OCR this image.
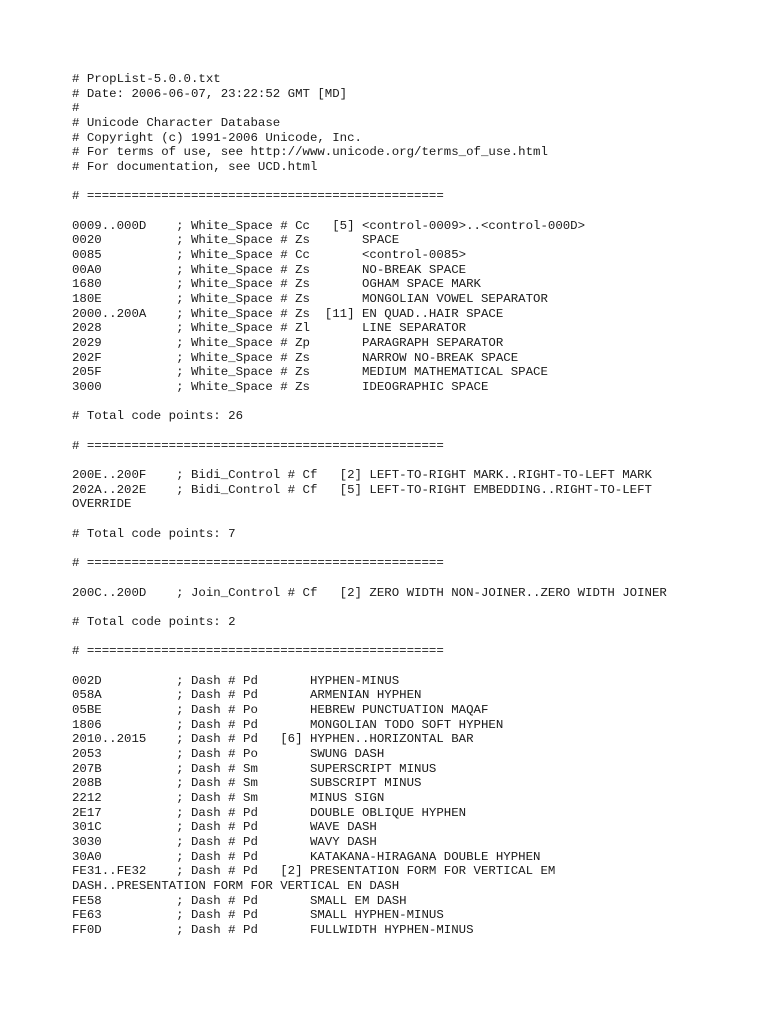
# PropList-5.0.0.txt
# Date: 2006-06-07, 23:22:52 GMT [MD]
#
# Unicode Character Database
# Copyright (c) 1991-2006 Unicode, Inc.
# For terms of use, see http://www.unicode.org/terms_of_use.html
# For documentation, see UCD.html
# ================================================
0009..000D    ; White_Space # Cc   [5] <control-0009>..<control-000D>
0020          ; White_Space # Zs       SPACE
0085          ; White_Space # Cc       <control-0085>
00A0          ; White_Space # Zs       NO-BREAK SPACE
1680          ; White_Space # Zs       OGHAM SPACE MARK
180E          ; White_Space # Zs       MONGOLIAN VOWEL SEPARATOR
2000..200A    ; White_Space # Zs  [11] EN QUAD..HAIR SPACE
2028          ; White_Space # Zl       LINE SEPARATOR
2029          ; White_Space # Zp       PARAGRAPH SEPARATOR
202F          ; White_Space # Zs       NARROW NO-BREAK SPACE
205F          ; White_Space # Zs       MEDIUM MATHEMATICAL SPACE
3000          ; White_Space # Zs       IDEOGRAPHIC SPACE
# Total code points: 26
# ================================================
200E..200F    ; Bidi_Control # Cf   [2] LEFT-TO-RIGHT MARK..RIGHT-TO-LEFT MARK
202A..202E    ; Bidi_Control # Cf   [5] LEFT-TO-RIGHT EMBEDDING..RIGHT-TO-LEFT
OVERRIDE
# Total code points: 7
# ================================================
200C..200D    ; Join_Control # Cf   [2] ZERO WIDTH NON-JOINER..ZERO WIDTH JOINER
# Total code points: 2
# ================================================
002D          ; Dash # Pd       HYPHEN-MINUS
058A          ; Dash # Pd       ARMENIAN HYPHEN
05BE          ; Dash # Po       HEBREW PUNCTUATION MAQAF
1806          ; Dash # Pd       MONGOLIAN TODO SOFT HYPHEN
2010..2015    ; Dash # Pd   [6] HYPHEN..HORIZONTAL BAR
2053          ; Dash # Po       SWUNG DASH
207B          ; Dash # Sm       SUPERSCRIPT MINUS
208B          ; Dash # Sm       SUBSCRIPT MINUS
2212          ; Dash # Sm       MINUS SIGN
2E17          ; Dash # Pd       DOUBLE OBLIQUE HYPHEN
301C          ; Dash # Pd       WAVE DASH
3030          ; Dash # Pd       WAVY DASH
30A0          ; Dash # Pd       KATAKANA-HIRAGANA DOUBLE HYPHEN
FE31..FE32    ; Dash # Pd   [2] PRESENTATION FORM FOR VERTICAL EM
DASH..PRESENTATION FORM FOR VERTICAL EN DASH
FE58          ; Dash # Pd       SMALL EM DASH
FE63          ; Dash # Pd       SMALL HYPHEN-MINUS
FF0D          ; Dash # Pd       FULLWIDTH HYPHEN-MINUS
